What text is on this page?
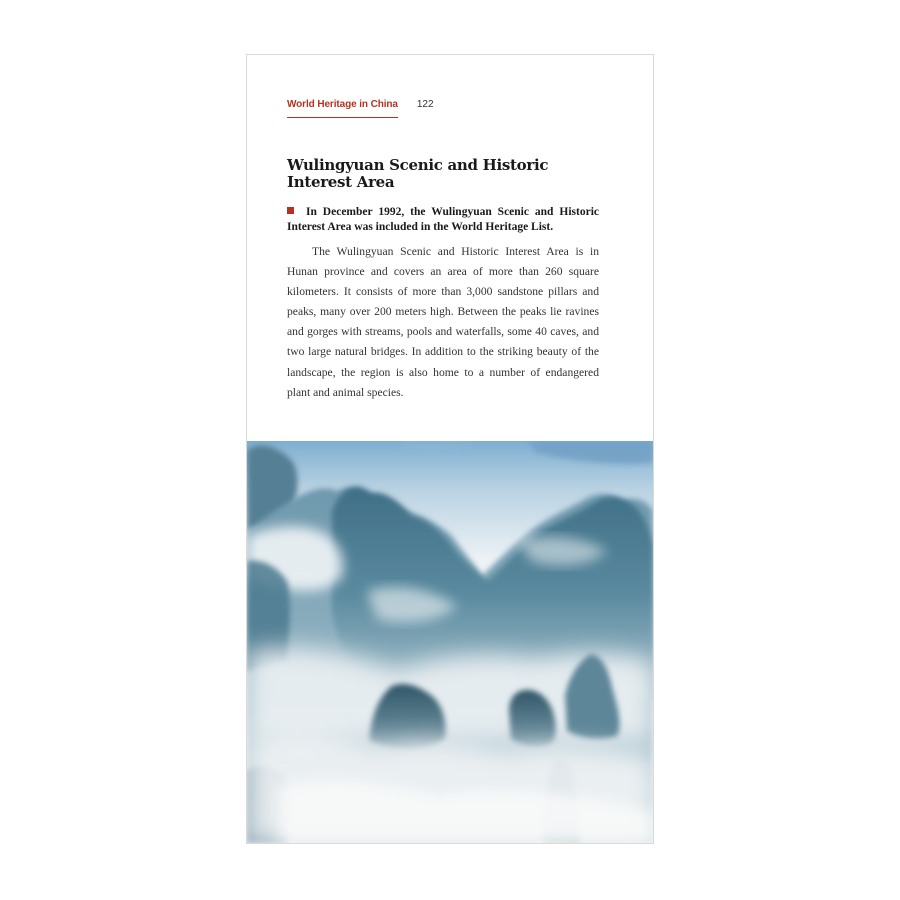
World Heritage in China 122
Wulingyuan Scenic and Historic Interest Area
In December 1992, the Wulingyuan Scenic and Historic Interest Area was included in the World Heritage List.

The Wulingyuan Scenic and Historic Interest Area is in Hunan province and covers an area of more than 260 square kilometers. It consists of more than 3,000 sandstone pillars and peaks, many over 200 meters high. Between the peaks lie ravines and gorges with streams, pools and waterfalls, some 40 caves, and two large natural bridges. In addition to the striking beauty of the landscape, the region is also home to a number of endangered plant and animal species.
